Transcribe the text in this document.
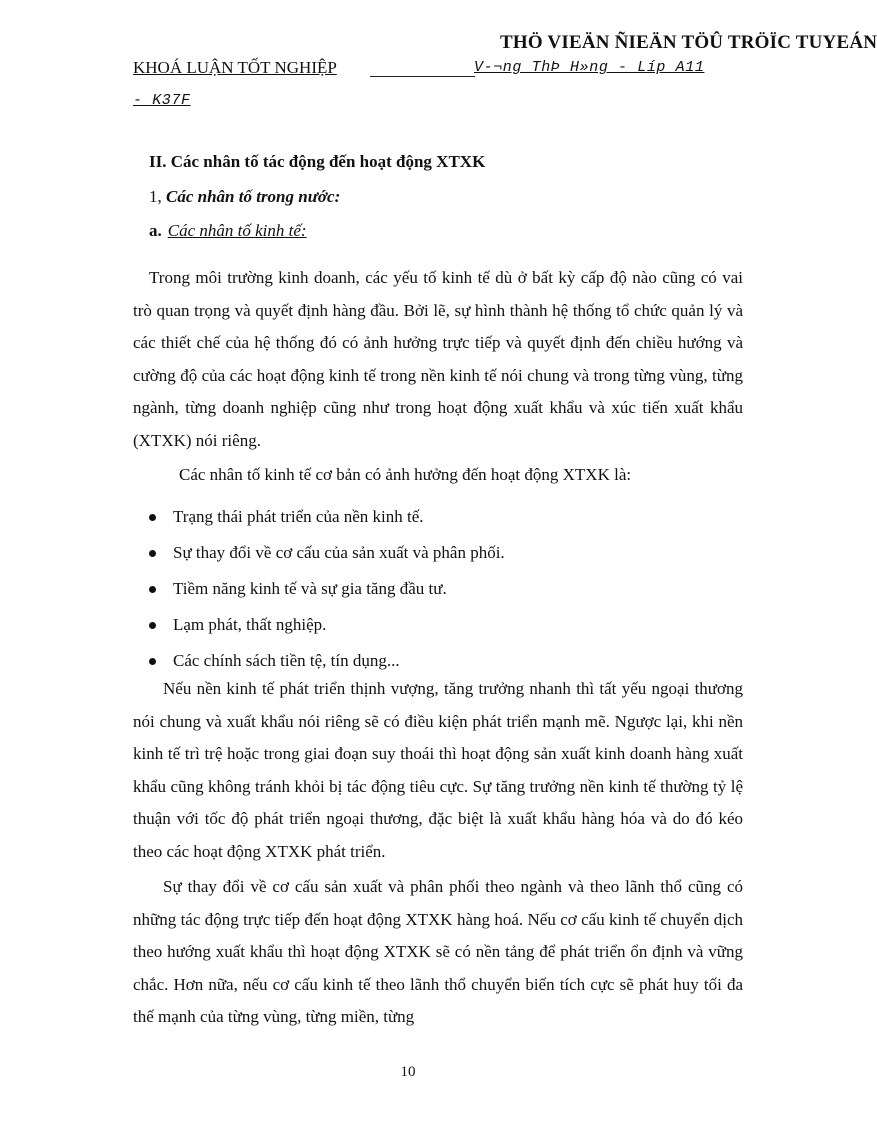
THÖ VIEÄN ÑIEÄN TÖÛ TRÖÏC TUYEÁN
KHOÁ LUẬN TỐT NGHIỆP	V-¬ng ThÞ H»ng - Líp A11
- K37F
II. Các nhân tố tác động đến hoạt động XTXK
1, Các nhân tố trong nước:
a. Các nhân tố kinh tế:

Trong môi trường kinh doanh, các yếu tố kinh tế dù ở bất kỳ cấp độ nào cũng có vai trò quan trọng và quyết định hàng đầu. Bởi lẽ, sự hình thành hệ thống tổ chức quản lý và các thiết chế của hệ thống đó có ảnh hưởng trực tiếp và quyết định đến chiều hướng và cường độ của các hoạt động kinh tế trong nền kinh tế nói chung và trong từng vùng, từng ngành, từng doanh nghiệp cũng như trong hoạt động xuất khẩu và xúc tiến xuất khẩu (XTXK) nói riêng.

Các nhân tố kinh tế cơ bản có ảnh hưởng đến hoạt động XTXK là:
Trạng thái phát triển của nền kinh tế.
Sự thay đổi về cơ cấu của sản xuất và phân phối.
Tiềm năng kinh tế và sự gia tăng đầu tư.
Lạm phát, thất nghiệp.
Các chính sách tiền tệ, tín dụng...

Nếu nền kinh tế phát triển thịnh vượng, tăng trưởng nhanh thì tất yếu ngoại thương nói chung và xuất khẩu nói riêng sẽ có điều kiện phát triển mạnh mẽ. Ngược lại, khi nền kinh tế trì trệ hoặc trong giai đoạn suy thoái thì hoạt động sản xuất kinh doanh hàng xuất khẩu cũng không tránh khỏi bị tác động tiêu cực. Sự tăng trưởng nền kinh tế thường tỷ lệ thuận với tốc độ phát triển ngoại thương, đặc biệt là xuất khẩu hàng hóa và do đó kéo theo các hoạt động XTXK phát triển.

Sự thay đổi về cơ cấu sản xuất và phân phối theo ngành và theo lãnh thổ cũng có những tác động trực tiếp đến hoạt động XTXK hàng hoá. Nếu cơ cấu kinh tế chuyển dịch theo hướng xuất khẩu thì hoạt động XTXK sẽ có nền tảng để phát triển ổn định và vững chắc. Hơn nữa, nếu cơ cấu kinh tế theo lãnh thổ chuyển biến tích cực sẽ phát huy tối đa thế mạnh của từng vùng, từng miền, từng

10
